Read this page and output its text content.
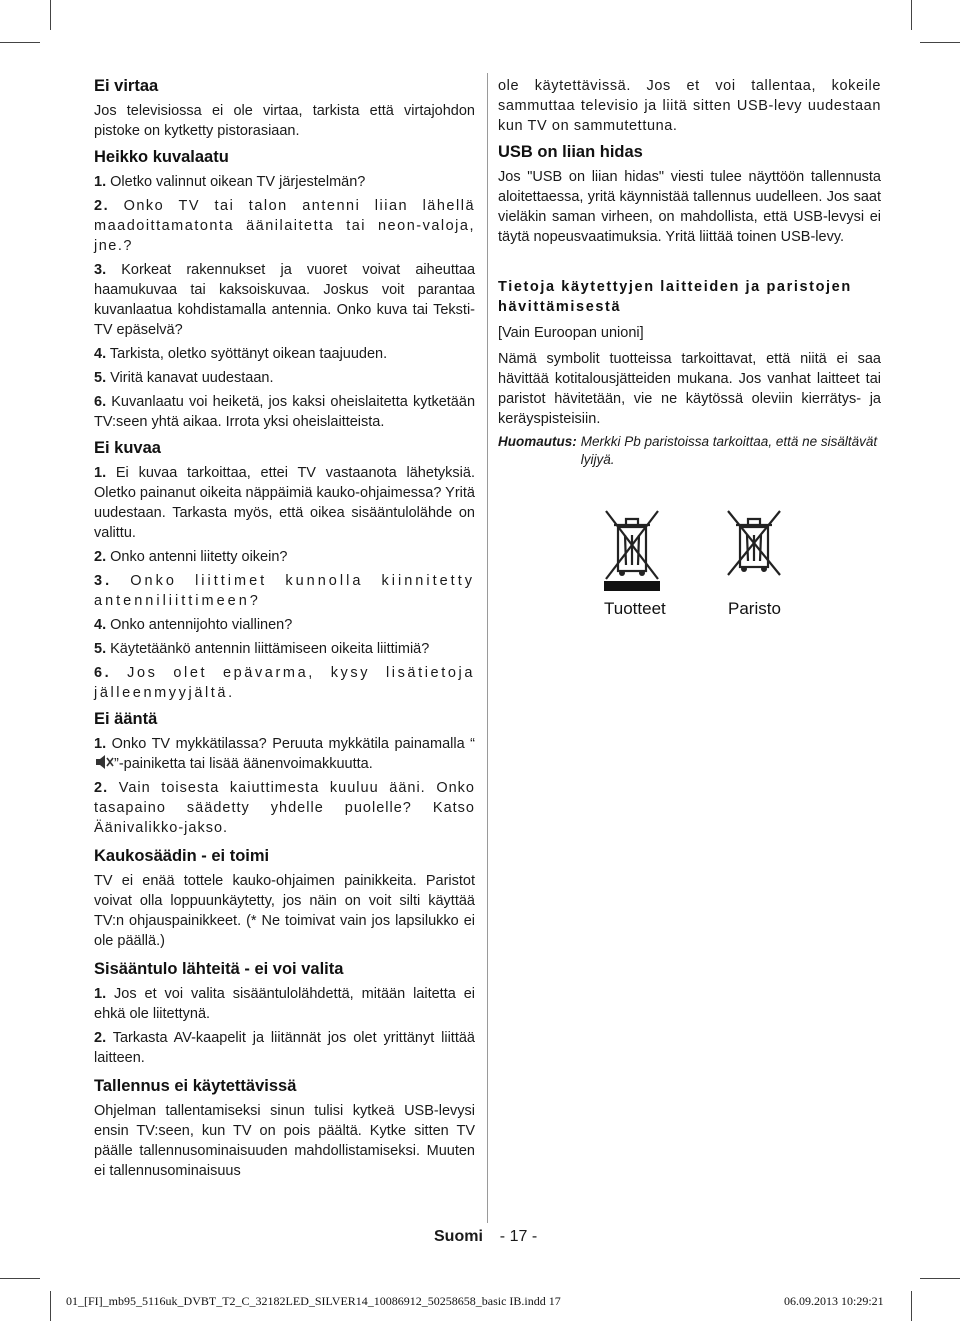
Ei virtaa

Jos televisiossa ei ole virtaa, tarkista että virtajohdon pistoke on kytketty pistorasiaan.

Heikko kuvalaatu

1. Oletko valinnut oikean TV järjestelmän?

2. Onko TV tai talon antenni liian lähellä maadoittamatonta äänilaitetta tai neon-valoja, jne.?

3. Korkeat rakennukset ja vuoret voivat aiheuttaa haamukuvaa tai kaksoiskuvaa. Joskus voit parantaa kuvanlaatua kohdistamalla antennia. Onko kuva tai Teksti-TV epäselvä?

4. Tarkista, oletko syöttänyt oikean taajuuden.

5. Viritä kanavat uudestaan.

6. Kuvanlaatu voi heiketä, jos kaksi oheislaitetta kytketään TV:seen yhtä aikaa. Irrota yksi oheislaitteista.

Ei kuvaa

1. Ei kuvaa tarkoittaa, ettei TV vastaanota lähetyksiä. Oletko painanut oikeita näppäimiä kauko-ohjaimessa? Yritä uudestaan. Tarkasta myös, että oikea sisääntulolähde on valittu.

2. Onko antenni liitetty oikein?

3. Onko liittimet kunnolla kiinnitetty antenniliittimeen?

4. Onko antennijohto viallinen?

5. Käytetäänkö antennin liittämiseen oikeita liittimiä?

6. Jos olet epävarma, kysy lisätietoja jälleenmyyjältä.

Ei ääntä

1. Onko TV mykkätilassa? Peruuta mykkätila painamalla “”-painiketta tai lisää äänenvoimakkuutta.

2. Vain toisesta kaiuttimesta kuuluu ääni. Onko tasapaino säädetty yhdelle puolelle? Katso Äänivalikko-jakso.

Kaukosäädin - ei toimi

TV ei enää tottele kauko-ohjaimen painikkeita. Paristot voivat olla loppuunkäytetty, jos näin on voit silti käyttää TV:n ohjauspainikkeet. (* Ne toimivat vain jos lapsilukko ei ole päällä.)

Sisääntulo lähteitä - ei voi valita

1. Jos et voi valita sisääntulolähdettä, mitään laitetta ei ehkä ole liitettynä.

2. Tarkasta AV-kaapelit ja liitännät jos olet yrittänyt liittää laitteen.

Tallennus ei käytettävissä

Ohjelman tallentamiseksi sinun tulisi kytkeä USB-levysi ensin TV:seen, kun TV on pois päältä. Kytke sitten TV päälle tallennusominaisuuden mahdollistamiseksi. Muuten ei tallennusominaisuus

ole käytettävissä. Jos et voi tallentaa, kokeile sammuttaa televisio ja liitä sitten USB-levy uudestaan kun TV on sammutettuna.

USB on liian hidas

Jos "USB on liian hidas" viesti tulee näyttöön tallennusta aloitettaessa, yritä käynnistää tallennus uudelleen. Jos saat vieläkin saman virheen, on mahdollista, että USB-levysi ei täytä nopeusvaatimuksia. Yritä liittää toinen USB-levy.

Tietoja käytettyjen laitteiden ja paristojen hävittämisestä

[Vain Euroopan unioni]

Nämä symbolit tuotteissa tarkoittavat, että niitä ei saa hävittää kotitalousjätteiden mukana. Jos vanhat laitteet tai paristot hävitetään, vie ne käytössä oleviin kierrätys- ja keräyspisteisiin.

Huomautus: Merkki Pb paristoissa tarkoittaa, että ne sisältävät lyijyä.
Tuotteet	Paristo
Suomi - 17 -
01_[FI]_mb95_5116uk_DVBT_T2_C_32182LED_SILVER14_10086912_50258658_basic IB.indd 17	06.09.2013 10:29:21
